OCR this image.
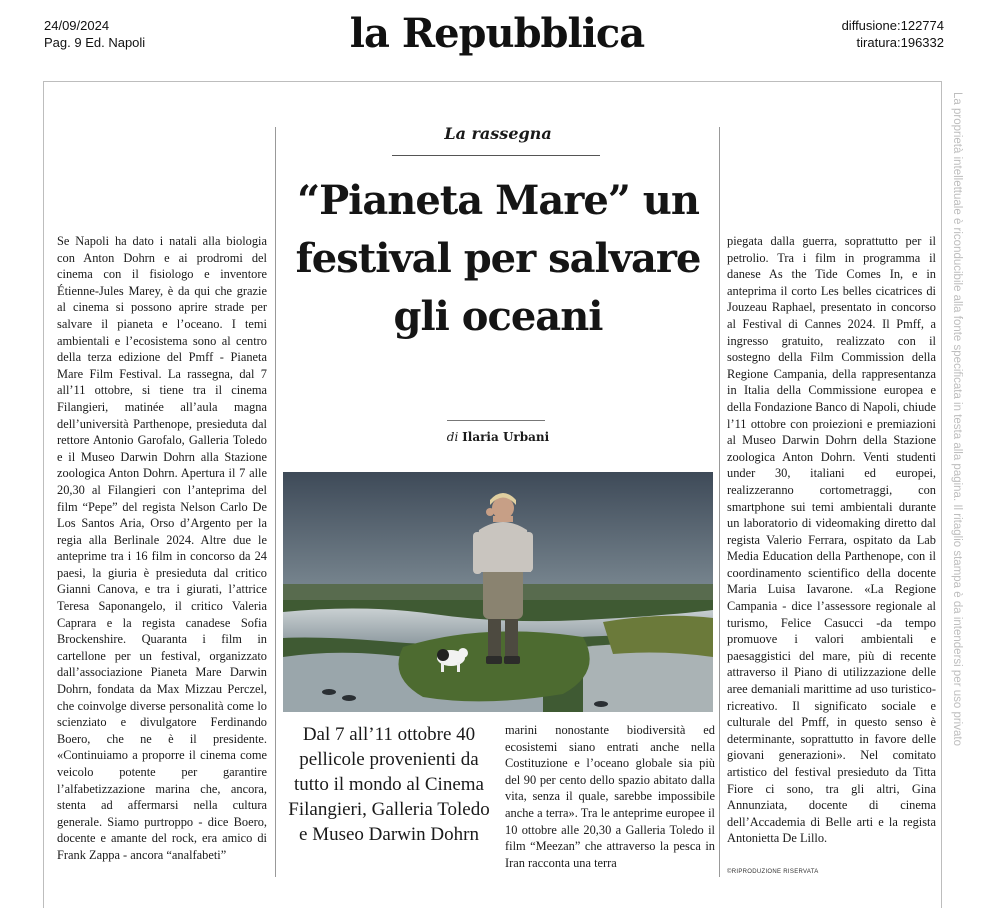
24/09/2024
Pag. 9 Ed. Napoli	la Repubblica	diffusione:122774
tiratura:196332
La proprietà intellettuale è riconducibile alla fonte specificata in testa alla pagina. Il ritaglio stampa è da intendersi per uso privato
La rassegna
“Pianeta Mare” un festival per salvare gli oceani
di Ilaria Urbani
Se Napoli ha dato i natali alla biologia con Anton Dohrn e ai prodromi del cinema con il fisiologo e inventore Étienne-Jules Marey, è da qui che grazie al cinema si possono aprire strade per salvare il pianeta e l’oceano. I temi ambientali e l’ecosistema sono al centro della terza edizione del Pmff - Pianeta Mare Film Festival. La rassegna, dal 7 all’11 ottobre, si tiene tra il cinema Filangieri, matinée all’aula magna dell’università Parthenope, presieduta dal rettore Antonio Garofalo, Galleria Toledo e il Museo Darwin Dohrn alla Stazione zoologica Anton Dohrn. Apertura il 7 alle 20,30 al Filangieri con l’anteprima del film “Pepe” del regista Nelson Carlo De Los Santos Aria, Orso d’Argento per la regia alla Berlinale 2024. Altre due le anteprime tra i 16 film in concorso da 24 paesi, la giuria è presieduta dal critico Gianni Canova, e tra i giurati, l’attrice Teresa Saponangelo, il critico Valeria Caprara e la regista canadese Sofia Brockenshire. Quaranta i film in cartellone per un festival, organizzato dall’associazione Pianeta Mare Darwin Dohrn, fondata da Max Mizzau Perczel, che coinvolge diverse personalità come lo scienziato e divulgatore Ferdinando Boero, che ne è il presidente. «Continuiamo a proporre il cinema come veicolo potente per garantire l’alfabetizzazione marina che, ancora, stenta ad affermarsi nella cultura generale. Siamo purtroppo - dice Boero, docente e amante del rock, era amico di Frank Zappa - ancora “analfabeti”
Dal 7 all’11 ottobre 40 pellicole provenienti da tutto il mondo al Cinema Filangieri, Galleria Toledo e Museo Darwin Dohrn
marini nonostante biodiversità ed ecosistemi siano entrati anche nella Costituzione e l’oceano globale sia più del 90 per cento dello spazio abitato dalla vita, senza il quale, sarebbe impossibile anche a terra». Tra le anteprime europee il 10 ottobre alle 20,30 a Galleria Toledo il film “Meezan” che attraverso la pesca in Iran racconta una terra
piegata dalla guerra, soprattutto per il petrolio. Tra i film in programma il danese As the Tide Comes In, e in anteprima il corto Les belles cicatrices di Jouzeau Raphael, presentato in concorso al Festival di Cannes 2024. Il Pmff, a ingresso gratuito, realizzato con il sostegno della Film Commission della Regione Campania, della rappresentanza in Italia della Commissione europea e della Fondazione Banco di Napoli, chiude l’11 ottobre con proiezioni e premiazioni al Museo Darwin Dohrn della Stazione zoologica Anton Dohrn. Venti studenti under 30, italiani ed europei, realizzeranno cortometraggi, con smartphone sui temi ambientali durante un laboratorio di videomaking diretto dal regista Valerio Ferrara, ospitato da Lab Media Education della Parthenope, con il coordinamento scientifico della docente Maria Luisa Iavarone. «La Regione Campania - dice l’assessore regionale al turismo, Felice Casucci -da tempo promuove i valori ambientali e paesaggistici del mare, più di recente attraverso il Piano di utilizzazione delle aree demaniali marittime ad uso turistico-ricreativo. Il significato sociale e culturale del Pmff, in questo senso è determinante, soprattutto in favore delle giovani generazioni». Nel comitato artistico del festival presieduto da Titta Fiore ci sono, tra gli altri, Gina Annunziata, docente di cinema dell’Accademia di Belle arti e la regista Antonietta De Lillo.
©RIPRODUZIONE RISERVATA
